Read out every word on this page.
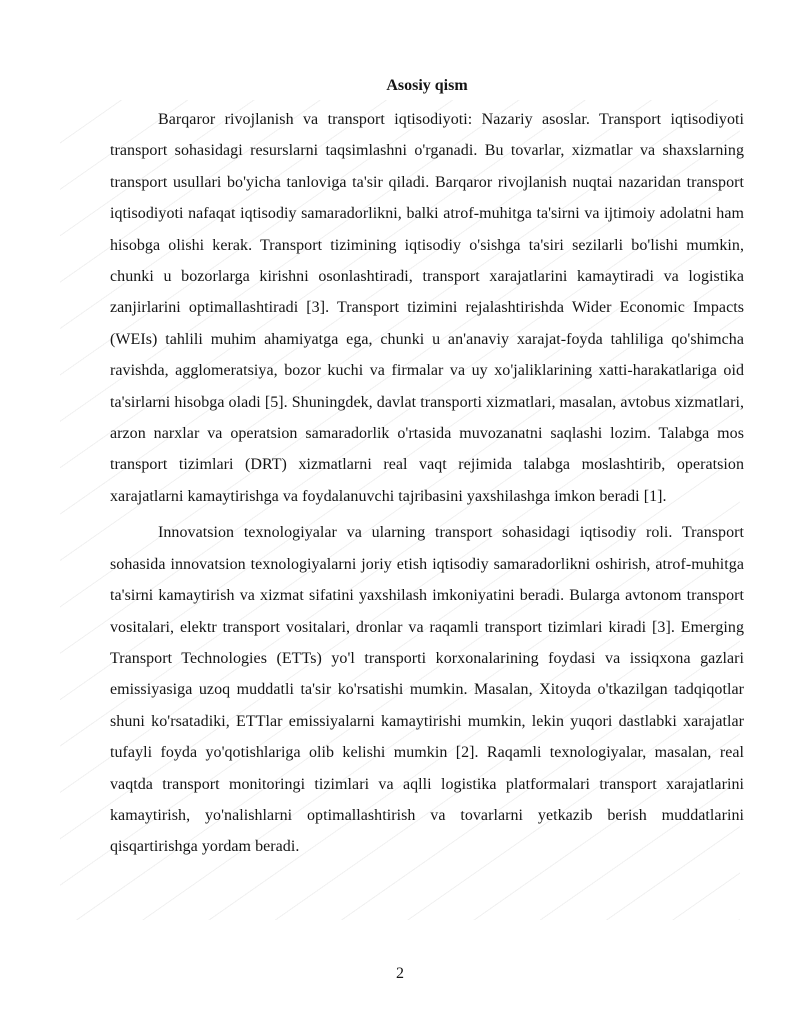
Asosiy qism

Barqaror rivojlanish va transport iqtisodiyoti: Nazariy asoslar. Transport iqtisodiyoti transport sohasidagi resurslarni taqsimlashni o'rganadi. Bu tovarlar, xizmatlar va shaxslarning transport usullari bo'yicha tanloviga ta'sir qiladi. Barqaror rivojlanish nuqtai nazaridan transport iqtisodiyoti nafaqat iqtisodiy samaradorlikni, balki atrof-muhitga ta'sirni va ijtimoiy adolatni ham hisobga olishi kerak. Transport tizimining iqtisodiy o'sishga ta'siri sezilarli bo'lishi mumkin, chunki u bozorlarga kirishni osonlashtiradi, transport xarajatlarini kamaytiradi va logistika zanjirlarini optimallashtiradi [3]. Transport tizimini rejalashtirishda Wider Economic Impacts (WEIs) tahlili muhim ahamiyatga ega, chunki u an'anaviy xarajat-foyda tahliliga qo'shimcha ravishda, agglomeratsiya, bozor kuchi va firmalar va uy xo'jaliklarining xatti-harakatlariga oid ta'sirlarni hisobga oladi [5]. Shuningdek, davlat transporti xizmatlari, masalan, avtobus xizmatlari, arzon narxlar va operatsion samaradorlik o'rtasida muvozanatni saqlashi lozim. Talabga mos transport tizimlari (DRT) xizmatlarni real vaqt rejimida talabga moslashtirib, operatsion xarajatlarni kamaytirishga va foydalanuvchi tajribasini yaxshilashga imkon beradi [1].

Innovatsion texnologiyalar va ularning transport sohasidagi iqtisodiy roli. Transport sohasida innovatsion texnologiyalarni joriy etish iqtisodiy samaradorlikni oshirish, atrof-muhitga ta'sirni kamaytirish va xizmat sifatini yaxshilash imkoniyatini beradi. Bularga avtonom transport vositalari, elektr transport vositalari, dronlar va raqamli transport tizimlari kiradi [3]. Emerging Transport Technologies (ETTs) yo'l transporti korxonalarining foydasi va issiqxona gazlari emissiyasiga uzoq muddatli ta'sir ko'rsatishi mumkin. Masalan, Xitoyda o'tkazilgan tadqiqotlar shuni ko'rsatadiki, ETTlar emissiyalarni kamaytirishi mumkin, lekin yuqori dastlabki xarajatlar tufayli foyda yo'qotishlariga olib kelishi mumkin [2]. Raqamli texnologiyalar, masalan, real vaqtda transport monitoringi tizimlari va aqlli logistika platformalari transport xarajatlarini kamaytirish, yo'nalishlarni optimallashtirish va tovarlarni yetkazib berish muddatlarini qisqartirishga yordam beradi.

2
